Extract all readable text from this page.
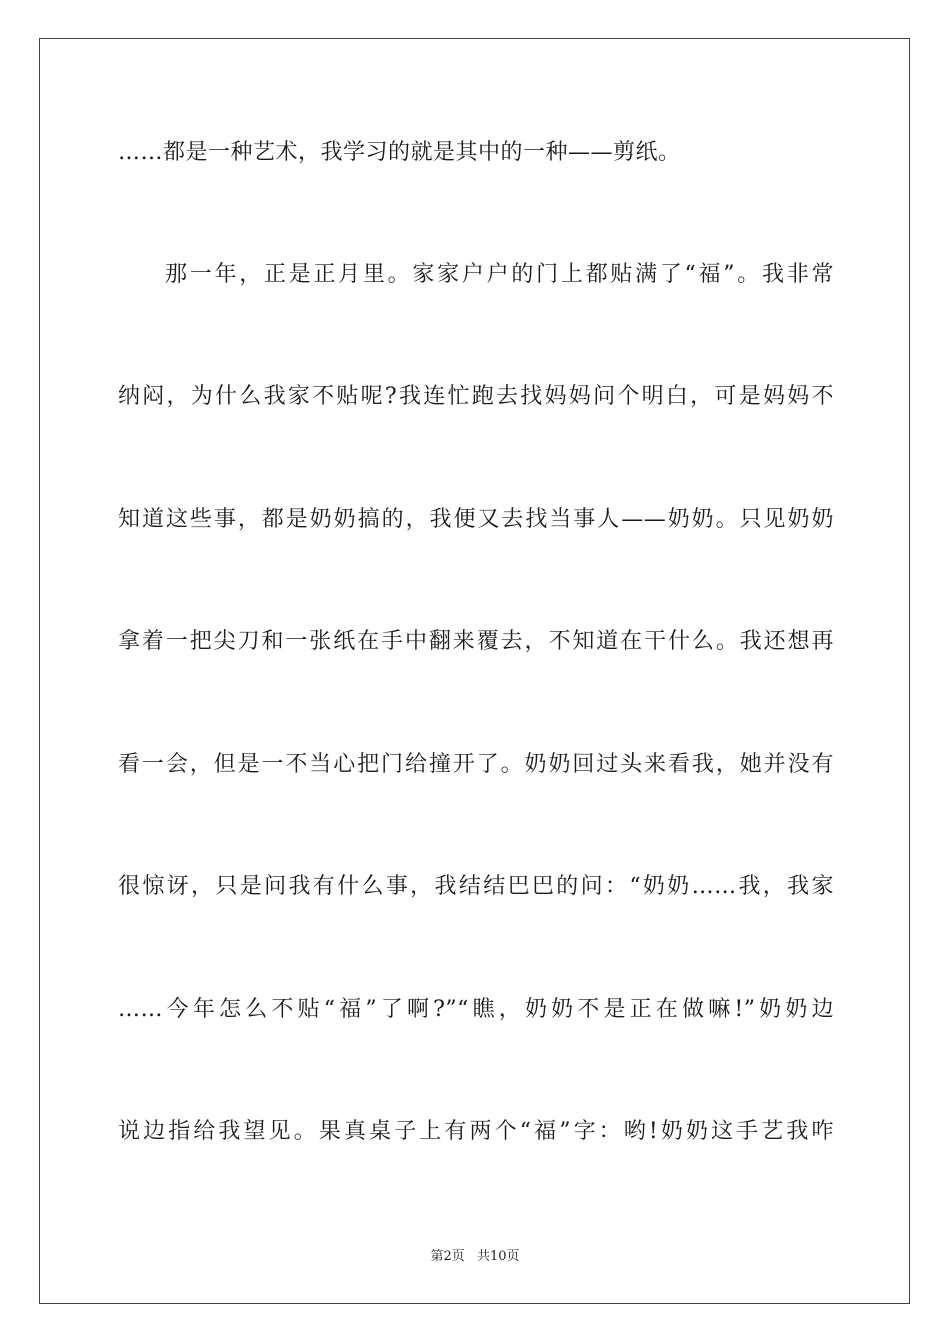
……都是一种艺术，我学习的就是其中的一种——剪纸。
那一年，正是正月里。家家户户的门上都贴满了“福”。我非常
纳闷，为什么我家不贴呢?我连忙跑去找妈妈问个明白，可是妈妈不
知道这些事，都是奶奶搞的，我便又去找当事人——奶奶。只见奶奶
拿着一把尖刀和一张纸在手中翻来覆去，不知道在干什么。我还想再
看一会，但是一不当心把门给撞开了。奶奶回过头来看我，她并没有
很惊讶，只是问我有什么事，我结结巴巴的问：“奶奶……我，我家
……今年怎么不贴“福”了啊?”“瞧，奶奶不是正在做嘛!”奶奶边
说边指给我望见。果真桌子上有两个“福”字：哟!奶奶这手艺我咋
第2页 共10页
